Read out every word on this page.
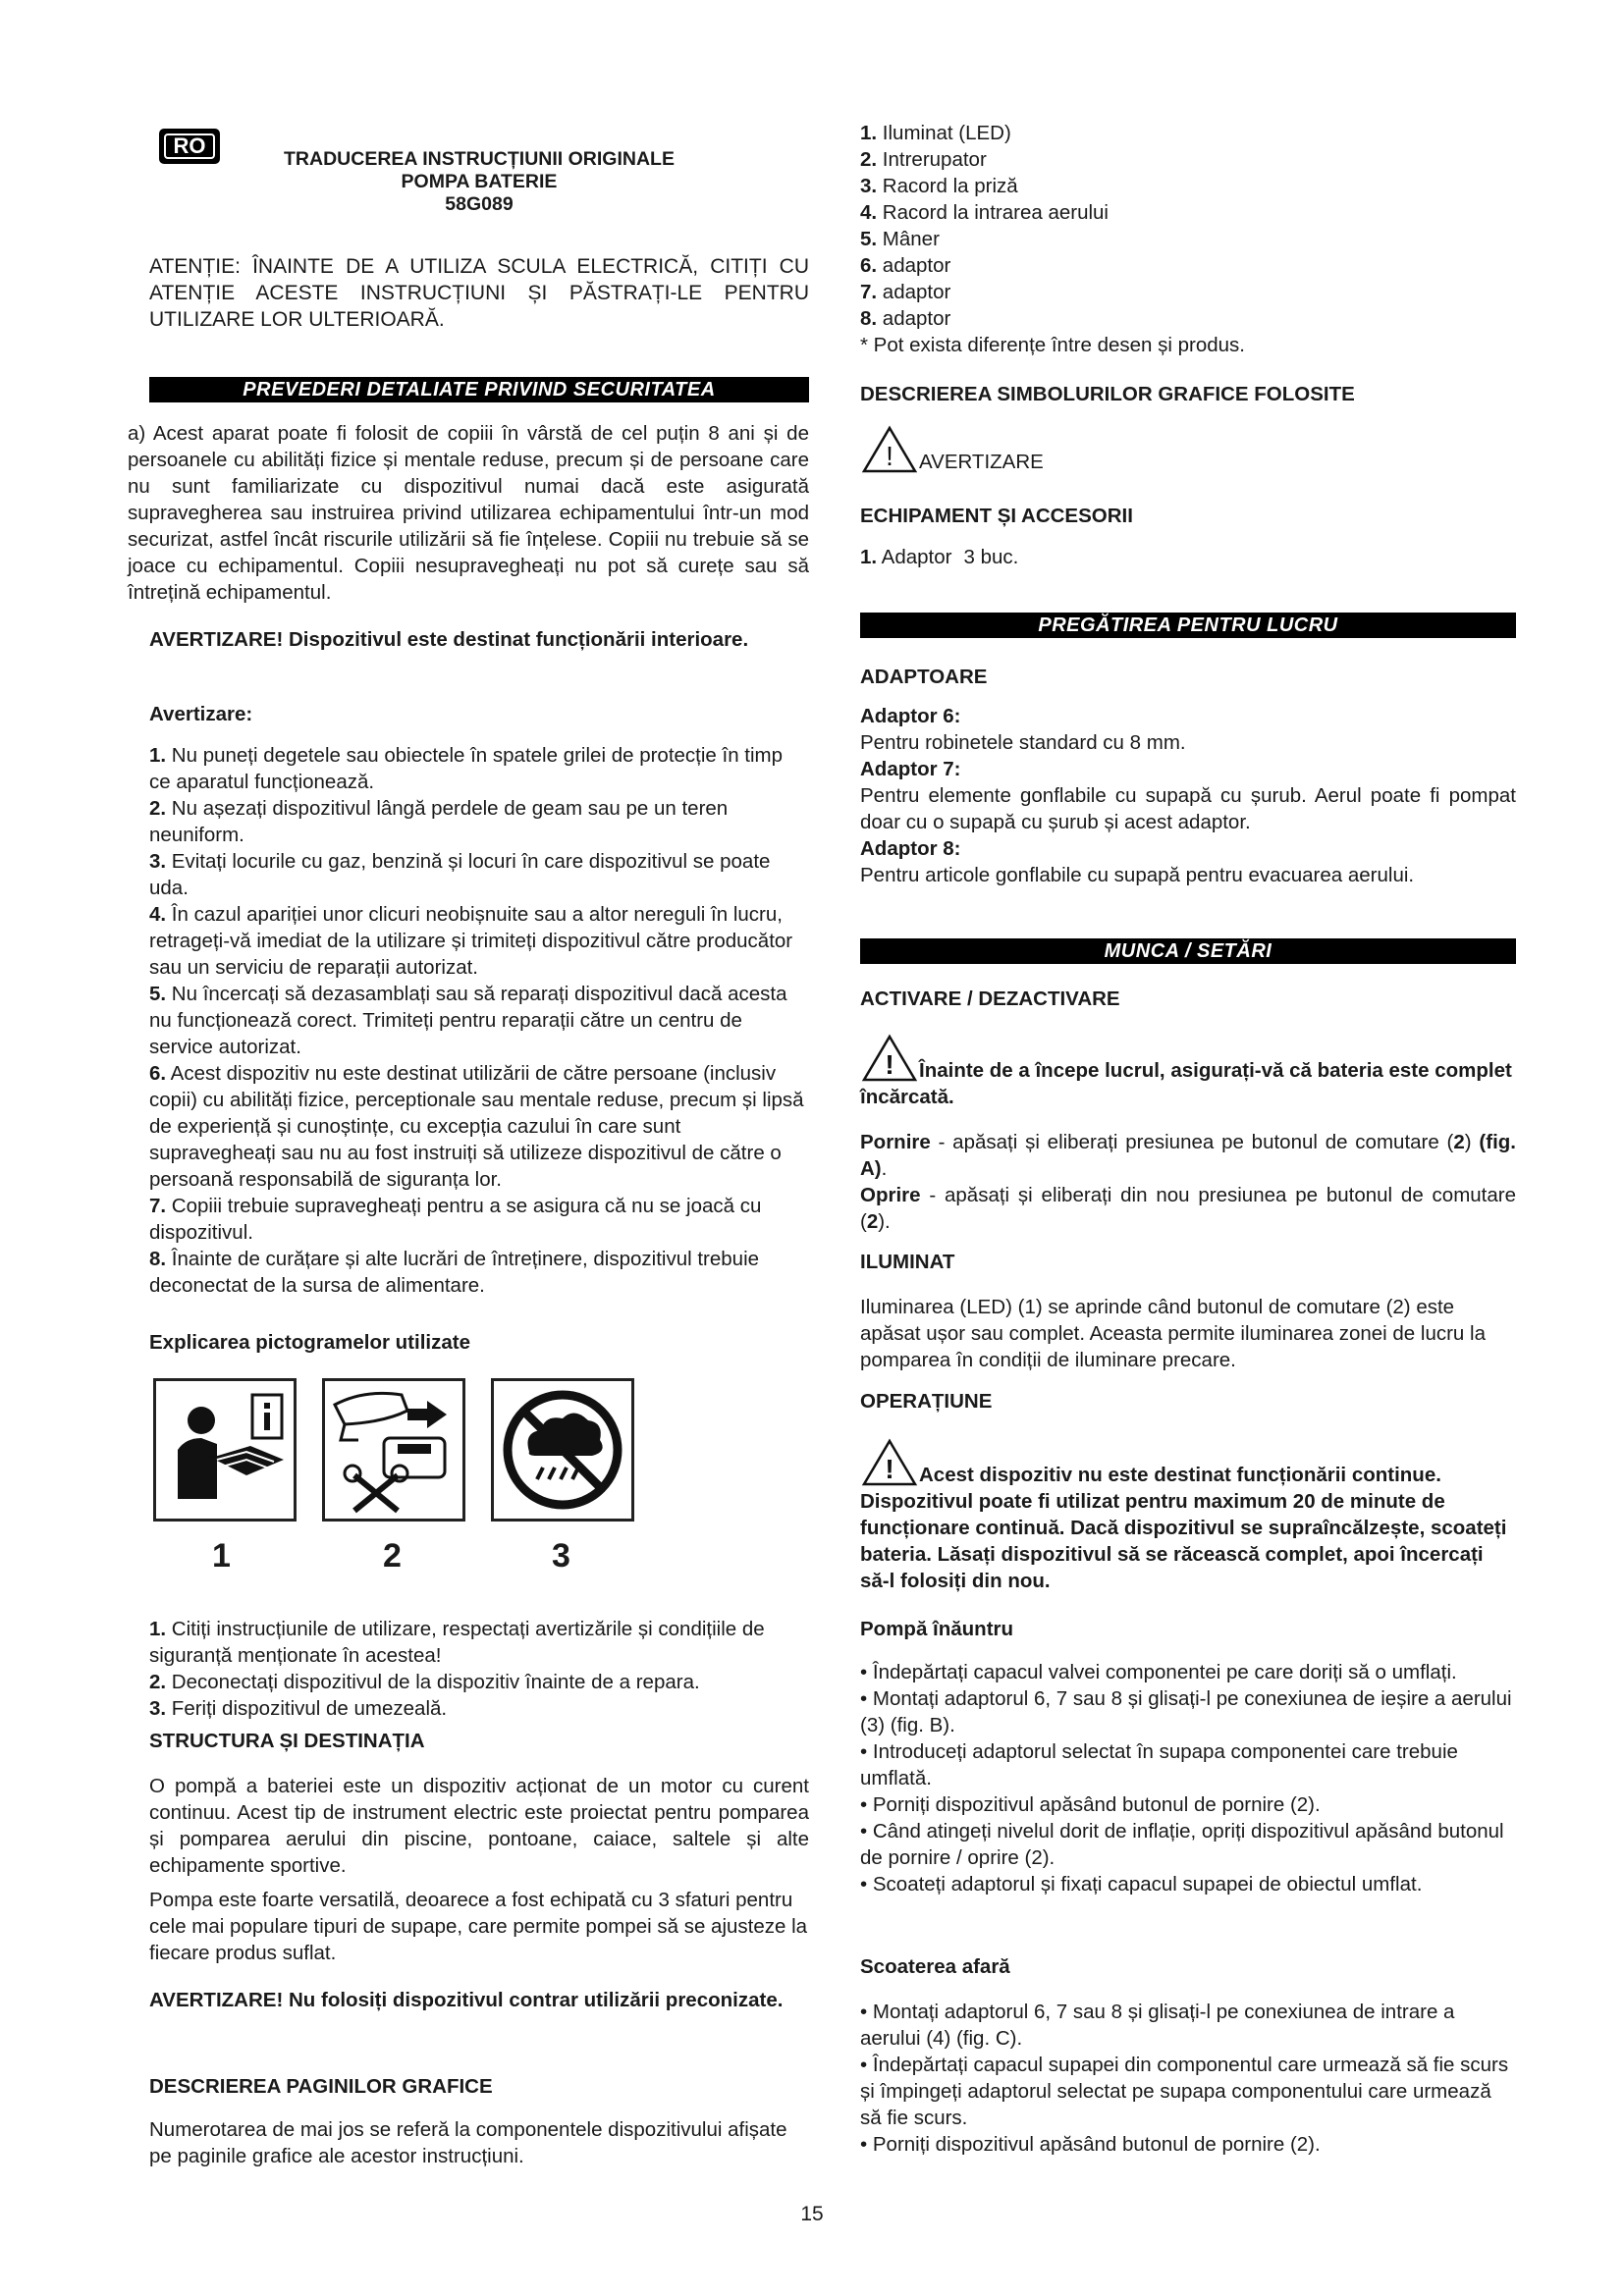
RO
TRADUCEREA INSTRUCȚIUNII ORIGINALE
POMPA BATERIE
58G089

ATENȚIE: ÎNAINTE DE A UTILIZA SCULA ELECTRICĂ, CITIȚI CU ATENȚIE ACESTE INSTRUCȚIUNI ȘI PĂSTRAȚI-LE PENTRU UTILIZARE LOR ULTERIOARĂ.

PREVEDERI DETALIATE PRIVIND SECURITATEA

a) Acest aparat poate fi folosit de copiii în vârstă de cel puțin 8 ani și de persoanele cu abilități fizice și mentale reduse, precum și de persoane care nu sunt familiarizate cu dispozitivul numai dacă este asigurată supravegherea sau instruirea privind utilizarea echipamentului într-un mod securizat, astfel încât riscurile utilizării să fie înțelese. Copiii nu trebuie să se joace cu echipamentul. Copiii nesupravegheați nu pot să curețe sau să întrețină echipamentul.

AVERTIZARE! Dispozitivul este destinat funcționării interioare.

Avertizare:

1. Nu puneți degetele sau obiectele în spatele grilei de protecție în timp ce aparatul funcționează.

2. Nu așezați dispozitivul lângă perdele de geam sau pe un teren neuniform.

3. Evitați locurile cu gaz, benzină și locuri în care dispozitivul se poate uda.

4. În cazul apariției unor clicuri neobișnuite sau a altor nereguli în lucru, retrageți-vă imediat de la utilizare și trimiteți dispozitivul către producător sau un serviciu de reparații autorizat.

5. Nu încercați să dezasamblați sau să reparați dispozitivul dacă acesta nu funcționează corect. Trimiteți pentru reparații către un centru de service autorizat.

6. Acest dispozitiv nu este destinat utilizării de către persoane (inclusiv copii) cu abilități fizice, perceptionale sau mentale reduse, precum și lipsă de experiență și cunoștințe, cu excepția cazului în care sunt supravegheați sau nu au fost instruiți să utilizeze dispozitivul de către o persoană responsabilă de siguranța lor.

7. Copiii trebuie supravegheați pentru a se asigura că nu se joacă cu dispozitivul.

8. Înainte de curățare și alte lucrări de întreținere, dispozitivul trebuie deconectat de la sursa de alimentare.

Explicarea pictogramelor utilizate

1	2	3

1. Citiți instrucțiunile de utilizare, respectați avertizările și condițiile de siguranță menționate în acestea!

2. Deconectați dispozitivul de la dispozitiv înainte de a repara.

3. Feriți dispozitivul de umezeală.

STRUCTURA ȘI DESTINAȚIA

O pompă a bateriei este un dispozitiv acționat de un motor cu curent continuu. Acest tip de instrument electric este proiectat pentru pomparea și pomparea aerului din piscine, pontoane, caiace, saltele și alte echipamente sportive.

Pompa este foarte versatilă, deoarece a fost echipată cu 3 sfaturi pentru cele mai populare tipuri de supape, care permite pompei să se ajusteze la fiecare produs suflat.

AVERTIZARE! Nu folosiți dispozitivul contrar utilizării preconizate.

DESCRIEREA PAGINILOR GRAFICE

Numerotarea de mai jos se referă la componentele dispozitivului afișate pe paginile grafice ale acestor instrucțiuni.

1. Iluminat (LED)

2. Intrerupator

3. Racord la priză

4. Racord la intrarea aerului

5. Mâner

6. adaptor

7. adaptor

8. adaptor

* Pot exista diferențe între desen și produs.

DESCRIEREA SIMBOLURILOR GRAFICE FOLOSITE

! AVERTIZARE

ECHIPAMENT ȘI ACCESORII

1. Adaptor 3 buc.

PREGĂTIREA PENTRU LUCRU

ADAPTOARE

Adaptor 6:

Pentru robinetele standard cu 8 mm.

Adaptor 7:

Pentru elemente gonflabile cu supapă cu șurub. Aerul poate fi pompat doar cu o supapă cu șurub și acest adaptor.

Adaptor 8:

Pentru articole gonflabile cu supapă pentru evacuarea aerului.

MUNCA / SETĂRI

ACTIVARE / DEZACTIVARE

! Înainte de a începe lucrul, asigurați-vă că bateria este complet încărcată.

Pornire - apăsați și eliberați presiunea pe butonul de comutare (2) (fig. A).

Oprire - apăsați și eliberați din nou presiunea pe butonul de comutare (2).

ILUMINAT

Iluminarea (LED) (1) se aprinde când butonul de comutare (2) este apăsat ușor sau complet. Aceasta permite iluminarea zonei de lucru la pomparea în condiții de iluminare precare.

OPERAȚIUNE

! Acest dispozitiv nu este destinat funcționării continue. Dispozitivul poate fi utilizat pentru maximum 20 de minute de funcționare continuă. Dacă dispozitivul se supraîncălzește, scoateți bateria. Lăsați dispozitivul să se răcească complet, apoi încercați să-l folosiți din nou.

Pompă înăuntru

• Îndepărtați capacul valvei componentei pe care doriți să o umflați.

• Montați adaptorul 6, 7 sau 8 și glisați-l pe conexiunea de ieșire a aerului (3) (fig. B).

• Introduceți adaptorul selectat în supapa componentei care trebuie umflată.

• Porniți dispozitivul apăsând butonul de pornire (2).

• Când atingeți nivelul dorit de inflație, opriți dispozitivul apăsând butonul de pornire / oprire (2).

• Scoateți adaptorul și fixați capacul supapei de obiectul umflat.

Scoaterea afară

• Montați adaptorul 6, 7 sau 8 și glisați-l pe conexiunea de intrare a aerului (4) (fig. C).

• Îndepărtați capacul supapei din componentul care urmează să fie scurs și împingeți adaptorul selectat pe supapa componentului care urmează să fie scurs.

• Porniți dispozitivul apăsând butonul de pornire (2).

15
